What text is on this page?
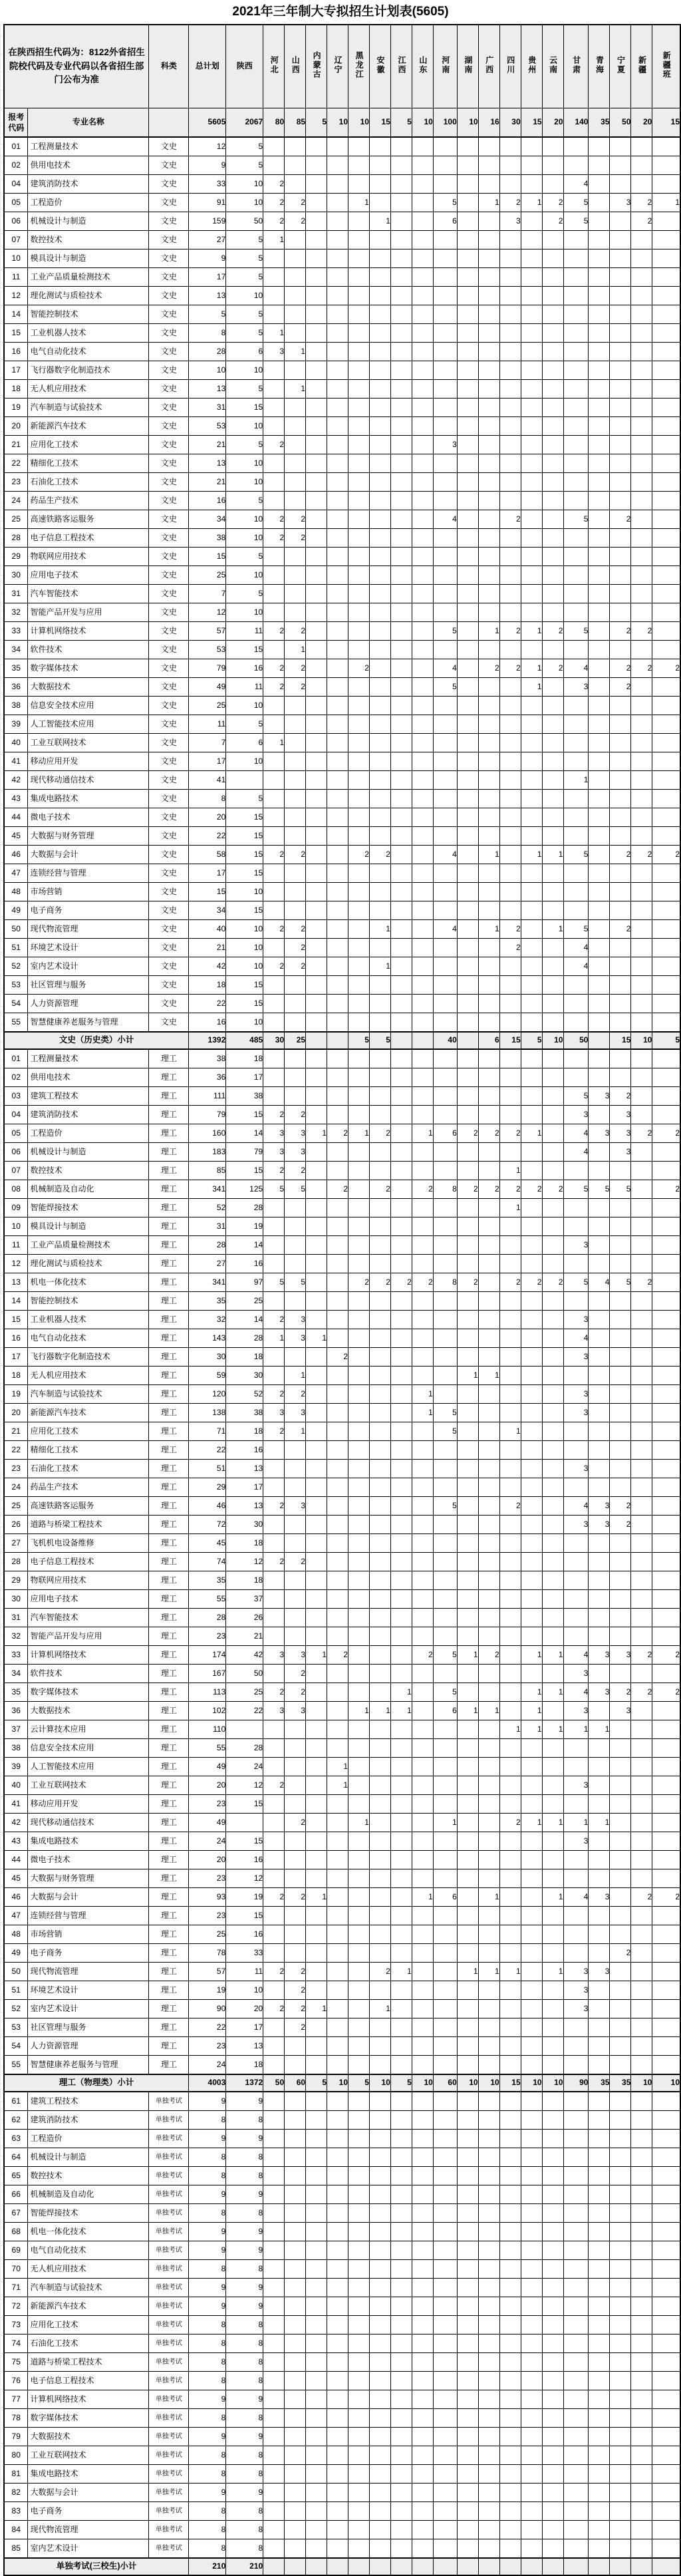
2021年三年制大专拟招生计划表(5605)
在陕西招生代码为：8122外省招生院校代码及专业代码以各省招生部门公布为准		科类	总计划	陕西	河北	山西	内蒙古	辽宁	黑龙江	安徽	江西	山东	河南	湖南	广西	四川	贵州	云南	甘肃	青海	宁夏	新疆	新疆班
报考代码	专业名称		5605	2067	80	85	5	10	10	15	5	10	100	10	16	30	15	20	140	35	50	20	15
01	工程测量技术	文史	12	5																			
02	供用电技术	文史	9	5																			
04	建筑消防技术	文史	33	10	2														4				
05	工程造价	文史	91	10	2	2			1				5		1	2	1	2	5		3	2	1
06	机械设计与制造	文史	159	50	2	2				1			6			3		2	5			2	
07	数控技术	文史	27	5	1																		
10	模具设计与制造	文史	9	5																			
11	工业产品质量检测技术	文史	17	5																			
12	理化测试与质检技术	文史	13	10																			
14	智能控制技术	文史	5	5																			
15	工业机器人技术	文史	8	5	1																		
16	电气自动化技术	文史	28	6	3	1																	
17	飞行器数字化制造技术	文史	10	10																			
18	无人机应用技术	文史	13	5		1																	
19	汽车制造与试验技术	文史	31	15																			
20	新能源汽车技术	文史	53	10																			
21	应用化工技术	文史	21	5	2								3										
22	精细化工技术	文史	13	10																			
23	石油化工技术	文史	21	10																			
24	药品生产技术	文史	16	5																			
25	高速铁路客运服务	文史	34	10	2	2							4			2			5		2		
28	电子信息工程技术	文史	38	10	2	2																	
29	物联网应用技术	文史	15	5																			
30	应用电子技术	文史	25	10																			
31	汽车智能技术	文史	7	5																			
32	智能产品开发与应用	文史	12	10																			
33	计算机网络技术	文史	57	11	2	2							5		1	2	1	2	5		2	2	
34	软件技术	文史	53	15		1																	
35	数字媒体技术	文史	79	16	2	2			2				4		2	2	1	2	4		2	2	2
36	大数据技术	文史	49	11	2	2							5				1		3		2		
38	信息安全技术应用	文史	25	10																			
39	人工智能技术应用	文史	11	5																			
40	工业互联网技术	文史	7	6	1																		
41	移动应用开发	文史	17	10																			
42	现代移动通信技术	文史	41																1				
43	集成电路技术	文史	8	5																			
44	微电子技术	文史	20	15																			
45	大数据与财务管理	文史	22	15																			
46	大数据与会计	文史	58	15	2	2			2	2			4		1		1	1	5		2	2	2
47	连锁经营与管理	文史	17	15																			
48	市场营销	文史	15	10																			
49	电子商务	文史	34	15																			
50	现代物流管理	文史	40	10	2	2				1			4		1	2		1	5		2		
51	环境艺术设计	文史	21	10		2										2			4				
52	室内艺术设计	文史	42	10	2	2				1									4				
53	社区管理与服务	文史	18	15																			
54	人力资源管理	文史	22	15																			
55	智慧健康养老服务与管理	文史	16	10																			
文史（历史类）小计			1392	485	30	25			5	5			40		6	15	5	10	50		15	10	5
01	工程测量技术	理工	38	18																			
02	供用电技术	理工	36	17																			
03	建筑工程技术	理工	111	38															5	3	2		
04	建筑消防技术	理工	79	15	2	2													3		3		
05	工程造价	理工	160	14	3	3	1	2	1	2		1	6	2	2	2	1		4	3	3	2	2
06	机械设计与制造	理工	183	79	3	3													4		3		
07	数控技术	理工	85	15	2	2										1							
08	机械制造及自动化	理工	341	125	5	5		2		2		2	8	2	2	2	2	2	5	5	5		2
09	智能焊接技术	理工	52	28												1							
10	模具设计与制造	理工	31	19																			
11	工业产品质量检测技术	理工	28	14															3				
12	理化测试与质检技术	理工	27	16																			
13	机电一体化技术	理工	341	97	5	5			2	2	2	2	8	2		2	2	2	5	4	5	2	
14	智能控制技术	理工	35	25																			
15	工业机器人技术	理工	32	14	2	3													3				
16	电气自动化技术	理工	143	28	1	3	1												4				
17	飞行器数字化制造技术	理工	30	18				2											3				
18	无人机应用技术	理工	59	30		1								1	1								
19	汽车制造与试验技术	理工	120	52	2	2						1							3				
20	新能源汽车技术	理工	138	38	3	3						1	5						3				
21	应用化工技术	理工	71	18	2	1							5			1							
22	精细化工技术	理工	22	16																			
23	石油化工技术	理工	51	13															3				
24	药品生产技术	理工	29	17																			
25	高速铁路客运服务	理工	46	13	2	3							5			2			4	3	2		
26	道路与桥梁工程技术	理工	72	30															3	3	2		
27	飞机机电设备维修	理工	45	18																			
28	电子信息工程技术	理工	74	12	2	2																	
29	物联网应用技术	理工	35	18																			
30	应用电子技术	理工	55	37																			
31	汽车智能技术	理工	28	26																			
32	智能产品开发与应用	理工	23	21																			
33	计算机网络技术	理工	174	42	3	3	1	2				2	5	1	2		1	1	4	3	3	2	2
34	软件技术	理工	167	50		2													3				
35	数字媒体技术	理工	113	25	2	2					1		5				1	1	4	3	2	2	2
36	大数据技术	理工	102	22	3	3			1	1	1		6	1	1		1		3		3		
37	云计算技术应用	理工	110													1	1	1	1	1			
38	信息安全技术应用	理工	55	28																			
39	人工智能技术应用	理工	49	24				1															
40	工业互联网技术	理工	20	12	2			1											3				
41	移动应用开发	理工	23	15																			
42	现代移动通信技术	理工	49			2			1				1			2	1	1	1	1			
43	集成电路技术	理工	24	15															3				
44	微电子技术	理工	20	16																			
45	大数据与财务管理	理工	23	12																			
46	大数据与会计	理工	93	19	2	2	1					1	6		1			1	4	3		2	2
47	连锁经营与管理	理工	23	15																			
48	市场营销	理工	25	16																			
49	电子商务	理工	78	33																	2		
50	现代物流管理	理工	57	11	2	2				2	1			1	1	1		1	3	3			
51	环境艺术设计	理工	19	10		2													3				
52	室内艺术设计	理工	90	20	2	2	1			1									3				
53	社区管理与服务	理工	22	17		2																	
54	人力资源管理	理工	23	13																			
55	智慧健康养老服务与管理	理工	24	18																			
理工（物理类）小计			4003	1372	50	60	5	10	5	10	5	10	60	10	10	15	10	10	90	35	35	10	10
61	建筑工程技术	单独考试	9	9																			
62	建筑消防技术	单独考试	8	8																			
63	工程造价	单独考试	9	9																			
64	机械设计与制造	单独考试	8	8																			
65	数控技术	单独考试	8	8																			
66	机械制造及自动化	单独考试	9	9																			
67	智能焊接技术	单独考试	8	8																			
68	机电一体化技术	单独考试	9	9																			
69	电气自动化技术	单独考试	9	9																			
70	无人机应用技术	单独考试	8	8																			
71	汽车制造与试验技术	单独考试	9	9																			
72	新能源汽车技术	单独考试	9	9																			
73	应用化工技术	单独考试	8	8																			
74	石油化工技术	单独考试	8	8																			
75	道路与桥梁工程技术	单独考试	8	8																			
76	电子信息工程技术	单独考试	8	8																			
77	计算机网络技术	单独考试	9	9																			
78	数字媒体技术	单独考试	8	8																			
79	大数据技术	单独考试	9	9																			
80	工业互联网技术	单独考试	8	8																			
81	集成电路技术	单独考试	8	8																			
82	大数据与会计	单独考试	9	9																			
83	电子商务	单独考试	8	8																			
84	现代物流管理	单独考试	8	8																			
85	室内艺术设计	单独考试	8	8																			
单独考试(三校生)小计			210	210																			
